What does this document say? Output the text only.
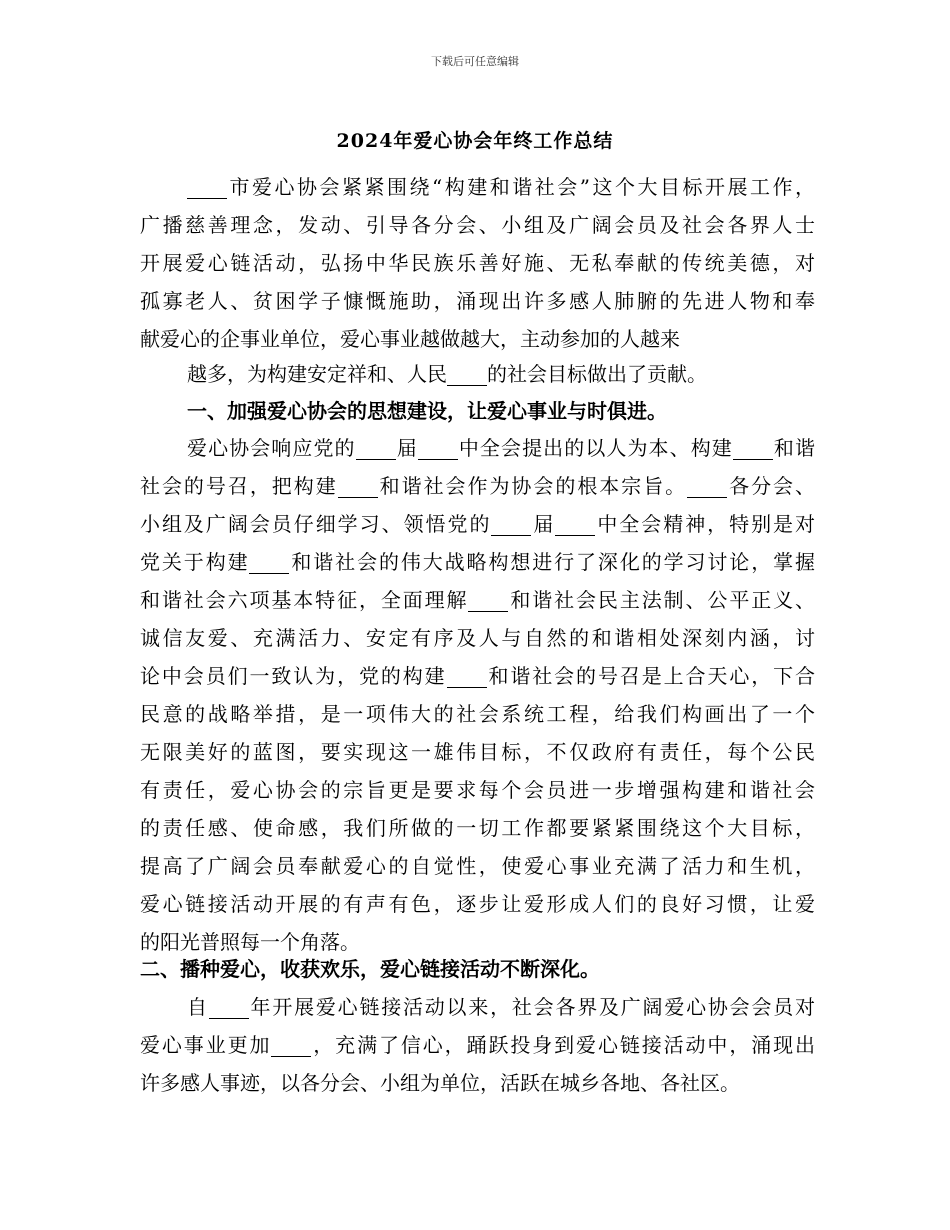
下载后可任意编辑
2024年爱心协会年终工作总结
市爱心协会紧紧围绕“构建和谐社会”这个大目标开展工作，
广播慈善理念，发动、引导各分会、小组及广阔会员及社会各界人士
开展爱心链活动，弘扬中华民族乐善好施、无私奉献的传统美德，对
孤寡老人、贫困学子慷慨施助，涌现出许多感人肺腑的先进人物和奉
献爱心的企事业单位，爱心事业越做越大，主动参加的人越来
越多，为构建安定祥和、人民 的社会目标做出了贡献。
一、加强爱心协会的思想建设，让爱心事业与时俱进。
爱心协会响应党的 届 中全会提出的以人为本、构建 和谐
社会的号召，把构建 和谐社会作为协会的根本宗旨。 各分会、
小组及广阔会员仔细学习、领悟党的 届 中全会精神，特别是对
党关于构建 和谐社会的伟大战略构想进行了深化的学习讨论，掌握
和谐社会六项基本特征，全面理解 和谐社会民主法制、公平正义、
诚信友爱、充满活力、安定有序及人与自然的和谐相处深刻内涵，讨
论中会员们一致认为，党的构建 和谐社会的号召是上合天心，下合
民意的战略举措，是一项伟大的社会系统工程，给我们构画出了一个
无限美好的蓝图，要实现这一雄伟目标，不仅政府有责任，每个公民
有责任，爱心协会的宗旨更是要求每个会员进一步增强构建和谐社会
的责任感、使命感，我们所做的一切工作都要紧紧围绕这个大目标，
提高了广阔会员奉献爱心的自觉性，使爱心事业充满了活力和生机，
爱心链接活动开展的有声有色，逐步让爱形成人们的良好习惯，让爱
的阳光普照每一个角落。
二、播种爱心，收获欢乐，爱心链接活动不断深化。
自 年开展爱心链接活动以来，社会各界及广阔爱心协会会员对
爱心事业更加 ，充满了信心，踊跃投身到爱心链接活动中，涌现出
许多感人事迹，以各分会、小组为单位，活跃在城乡各地、各社区。
